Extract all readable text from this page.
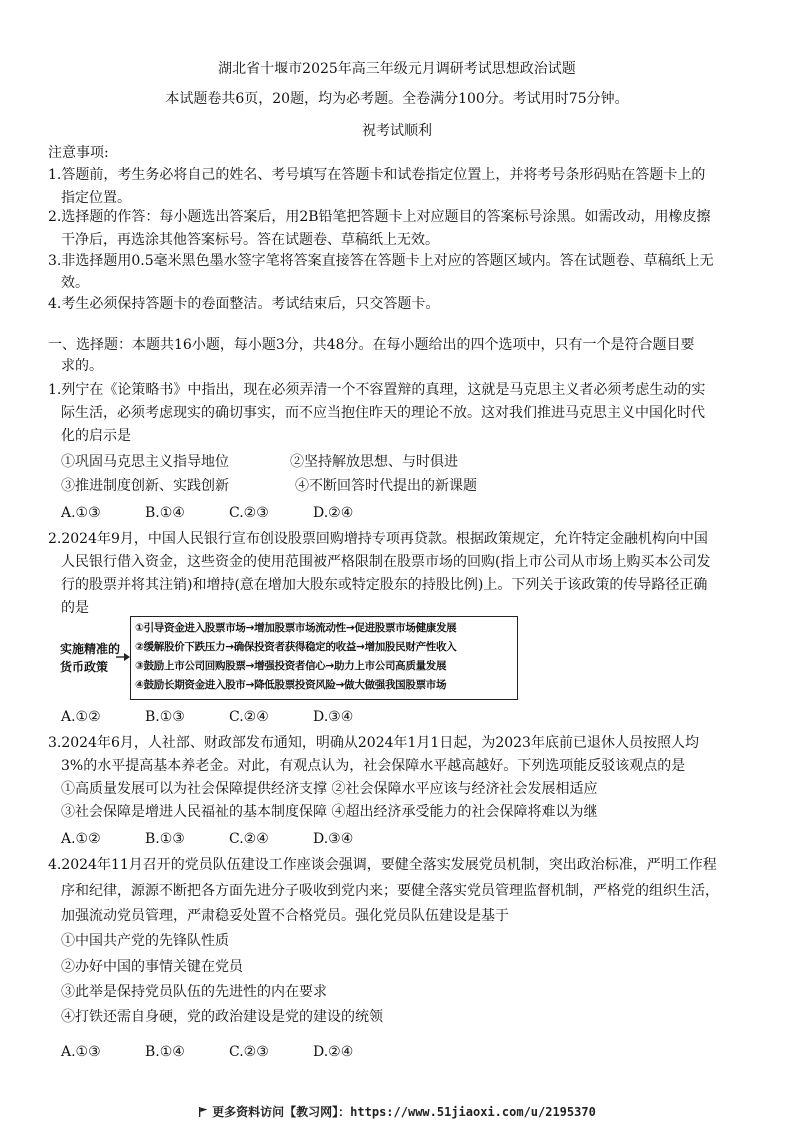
湖北省十堰市2025年高三年级元月调研考试思想政治试题
本试题卷共6页，20题，均为必考题。全卷满分100分。考试用时75分钟。
祝考试顺利
注意事项:
1.答题前，考生务必将自己的姓名、考号填写在答题卡和试卷指定位置上，并将考号条形码贴在答题卡上的
指定位置。
2.选择题的作答：每小题选出答案后，用2B铅笔把答题卡上对应题目的答案标号涂黑。如需改动，用橡皮擦
干净后，再选涂其他答案标号。答在试题卷、草稿纸上无效。
3.非选择题用0.5毫米黑色墨水签字笔将答案直接答在答题卡上对应的答题区域内。答在试题卷、草稿纸上无
效。
4.考生必须保持答题卡的卷面整洁。考试结束后，只交答题卡。
一、选择题：本题共16小题，每小题3分，共48分。在每小题给出的四个选项中，只有一个是符合题目要
求的。
1.列宁在《论策略书》中指出，现在必须弄清一个不容置辩的真理，这就是马克思主义者必须考虑生动的实
际生活，必须考虑现实的确切事实，而不应当抱住昨天的理论不放。这对我们推进马克思主义中国化时代
化的启示是
①巩固马克思主义指导地位	②坚持解放思想、与时俱进
③推进制度创新、实践创新	④不断回答时代提出的新课题
A.①③	B.①④	C.②③	D.②④
2.2024年9月，中国人民银行宣布创设股票回购增持专项再贷款。根据政策规定，允许特定金融机构向中国
人民银行借入资金，这些资金的使用范围被严格限制在股票市场的回购(指上市公司从市场上购买本公司发
行的股票并将其注销)和增持(意在增加大股东或特定股东的持股比例)上。下列关于该政策的传导路径正确
的是
实施精准的货币政策
①引导资金进入股票市场→增加股票市场流动性→促进股票市场健康发展
②缓解股价下跌压力→确保投资者获得稳定的收益→增加股民财产性收入
③鼓励上市公司回购股票→增强投资者信心→助力上市公司高质量发展
④鼓励长期资金进入股市→降低股票投资风险→做大做强我国股票市场
A.①②	B.①③	C.②④	D.③④
3.2024年6月，人社部、财政部发布通知，明确从2024年1月1日起，为2023年底前已退休人员按照人均
3%的水平提高基本养老金。对此，有观点认为，社会保障水平越高越好。下列选项能反驳该观点的是
①高质量发展可以为社会保障提供经济支撑 ②社会保障水平应该与经济社会发展相适应
③社会保障是增进人民福祉的基本制度保障 ④超出经济承受能力的社会保障将难以为继
A.①②	B.①③	C.②④	D.③④
4.2024年11月召开的党员队伍建设工作座谈会强调，要健全落实发展党员机制，突出政治标准，严明工作程
序和纪律，源源不断把各方面先进分子吸收到党内来；要健全落实党员管理监督机制，严格党的组织生活，
加强流动党员管理，严肃稳妥处置不合格党员。强化党员队伍建设是基于
①中国共产党的先锋队性质
②办好中国的事情关键在党员
③此举是保持党员队伍的先进性的内在要求
④打铁还需自身硬，党的政治建设是党的建设的统领
A.①③	B.①④	C.②③	D.②④
更多资料访问【教习网】：https://www.51jiaoxi.com/u/2195370
